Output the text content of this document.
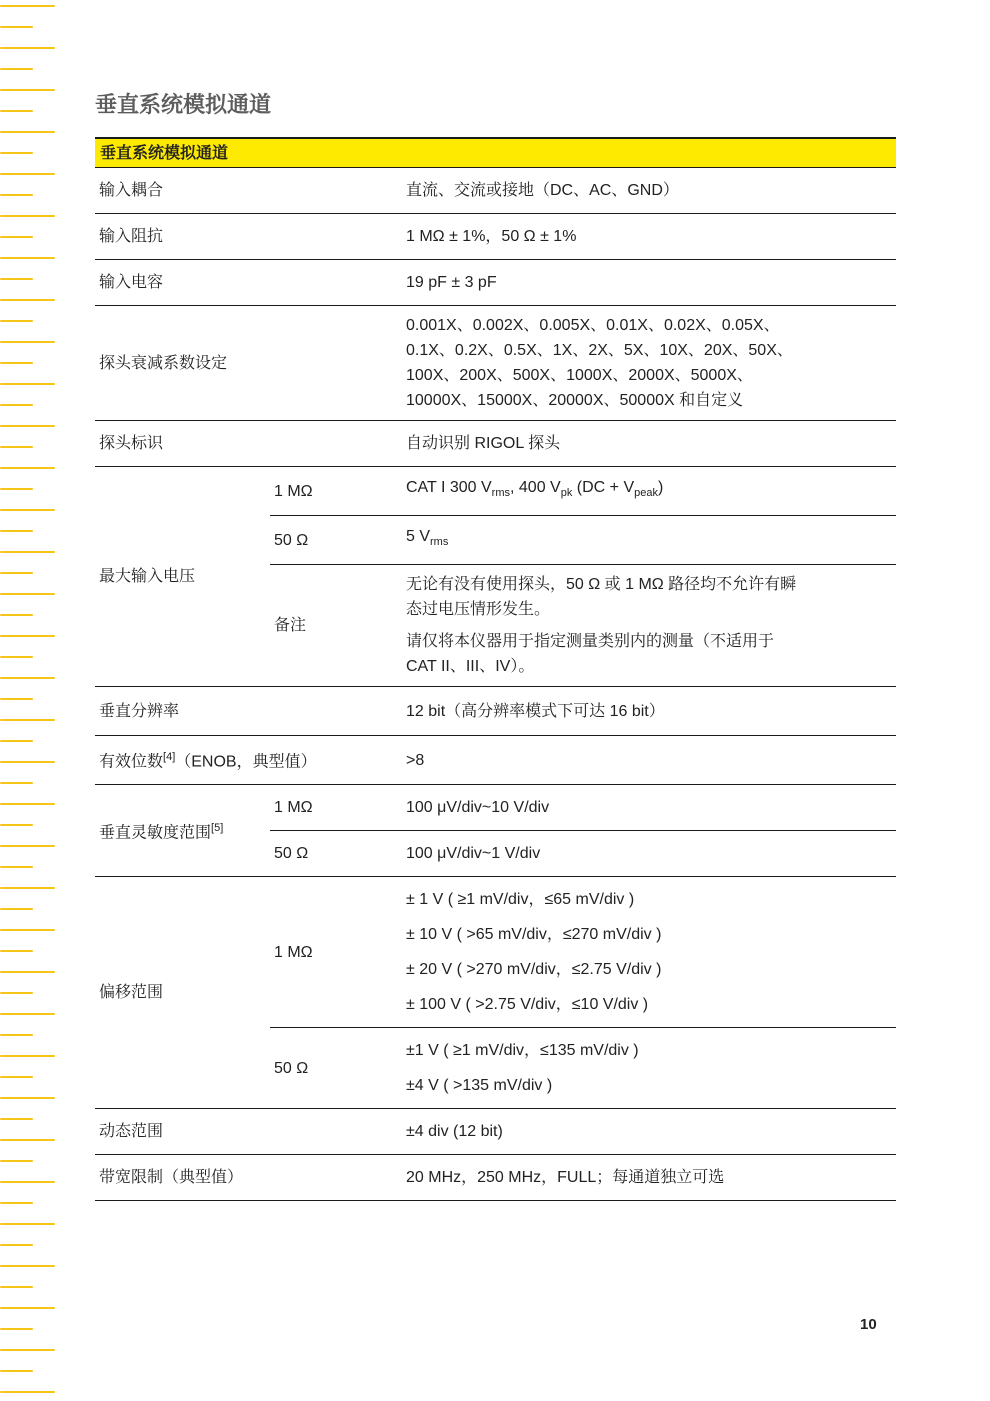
垂直系统模拟通道
垂直系统模拟通道		
输入耦合		直流、交流或接地（DC、AC、GND）
输入阻抗		1 MΩ ± 1%，50 Ω ± 1%
输入电容		19 pF ± 3 pF
探头衰减系数设定		0.001X、0.002X、0.005X、0.01X、0.02X、0.05X、0.1X、0.2X、0.5X、1X、2X、5X、10X、20X、50X、100X、200X、500X、1000X、2000X、5000X、10000X、15000X、20000X、50000X 和自定义

探头标识		自动识别 RIGOL 探头
最大输入电压	1 MΩ	CAT I 300 $V_{rms}$, 400 $V_{pk}$ $(DC + V_{peak})$
	50 Ω	5 $V_{rms}$
	备注	无论有没有使用探头，50 Ω 或 1 MΩ 路径均不允许有瞬态过电压情形发生。
请仅将本仪器用于指定测量类别内的测量（不适用于 CAT II、III、IV）。

垂直分辨率		12 bit（高分辨率模式下可达 16 bit）
有效位数[4]（ENOB，典型值）		>8
垂直灵敏度范围[5]	1 MΩ	100 μV/div~10 V/div
	50 Ω	100 μV/div~1 V/div
偏移范围	1 MΩ	± 1 V ( ≥1 mV/div，≤65 mV/div )
± 10 V ( >65 mV/div，≤270 mV/div )
± 20 V ( >270 mV/div，≤2.75 V/div )
± 100 V ( >2.75 V/div，≤10 V/div )

	50 Ω	±1 V ( ≥1 mV/div，≤135 mV/div )
±4 V ( >135 mV/div )

动态范围		±4 div (12 bit)
带宽限制（典型值）		20 MHz，250 MHz，FULL；每通道独立可选
10
